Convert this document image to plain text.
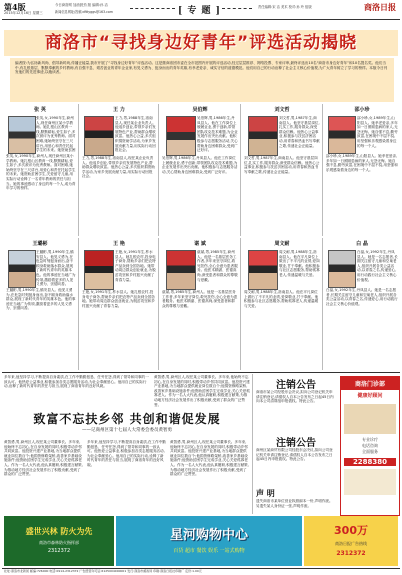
第4版
2015年12月16日 星期三
今日商洛网 加油鼓劲 版 编辑:孙 洁
新闻信息网址/投稿:dfttyggs@163.com	[ 专 题 ]	责任编辑:宋 洁 美术 校对:孙 玲 组版	商洛日报
商洛市“寻找身边好青年”评选活动揭晓
编者按:为弘扬新风尚、倡导新时尚,传播正能量,我市开展了“寻找身边好青年”评选活动。这是继商洛团市委在全市范围内开展的评选活动,经过层层推荐、网络投票、专家评审,最终评选出10名“商洛市身边好青年”和10名提名奖。他们当中,有扎根基层、默默奉献的乡村教师,有自强不息、艰苦创业的青年企业家,有见义勇为、挺身而出的青年英雄,有孝老爱亲、诚实守信的道德模范。他们用自己的行动诠释了社会主义核心价值观,为广大青年树立了学习的榜样。本版今日刊发他们的先进事迹,以飨读者。
张 英
张英,女,1990年生,商州人,现任商州区某小学教师。她扎根山区教育一线,默默耕耘,爱生如子,多次被评为优秀教师。面对困难,她始终坚守在三尺讲台,用爱心和责任托起学生的未来。她资助贫困
张英,女,1990年生,商州人,现任商州区某小学教师。她扎根山区教育一线,默默耕耘,爱生如子,多次被评为优秀教师。面对困难,她始终坚守在三尺讲台,用爱心和责任托起学生的未来。她资助贫困学生,关爱留守儿童,用实际行动诠释了一名青年教师的责任与担当。她的事迹感动了身边的每一个人,成为青年学习的榜样。
王 力
王力,男,1988年生,洛南县人,现任某企业负责人。他返乡创业,带领乡亲们发展特色产业,帮助群众增收致富。他热心公益,多次组织捐资助学活动,为家乡发展贡献力量,用实际行动回报社会。
王力,男,1988年生,洛南县人,现任某企业负责人。他返乡创业,带领乡亲们发展特色产业,帮助群众增收致富。他热心公益,多次组织捐资助学活动,为家乡发展贡献力量,用实际行动回报社会。
吴伯辉
吴伯辉,男,1986年生,丹凤县人。他在工作岗位上兢兢业业,勇于创新,带领团队攻克技术难题,为企业发展作出突出贡献。他积极参与志愿服务活动,关心帮助身边困难群众,受到广泛好评。
吴伯辉,男,1986年生,丹凤县人。他在工作岗位上兢兢业业,勇于创新,带领团队攻克技术难题,为企业发展作出突出贡献。他积极参与志愿服务活动,关心帮助身边困难群众,受到广泛好评。
刘文哲
刘文哲,男,1987年生,商南县人。他坚守基层岗位,扎实工作,服务群众,深受群众信赖。他热心公益事业,积极参与扶贫济困活动,用青春和热血书写奉献之歌,传递社会正能量。
刘文哲,男,1987年生,商南县人。他坚守基层岗位,扎实工作,服务群众,深受群众信赖。他热心公益事业,积极参与扶贫济困活动,用青春和热血书写奉献之歌,传递社会正能量。
邵小珍
邵小珍,女,1989年生,山阳县人。她孝老爱亲,多年如一日照顾患病的家人,无怨无悔。她自强不息,勤劳致富,在困境中不屈不挠,用坚强和乐观感染着身边的每一个人。
邵小珍,女,1989年生,山阳县人。她孝老爱亲,多年如一日照顾患病的家人,无怨无悔。她自强不息,勤劳致富,在困境中不屈不挠,用坚强和乐观感染着身边的每一个人。
王璐彬
王璐彬,男,1990年生,镇安县人。他见义勇为,在危急时刻挺身而出,奋不顾身救助落水群众,展现了新时代青年的英雄本色。他的事迹在当地广为传颂,激励着更多的人见义勇为、崇德向善。
王璐彬,男,1990年生,镇安县人。他见义勇为,在危急时刻挺身而出,奋不顾身救助落水群众,展现了新时代青年的英雄本色。他的事迹在当地广为传颂,激励着更多的人见义勇为、崇德向善。
王 艳
王艳,女,1991年生,柞水县人。她扎根农村,投身电子商务,帮助乡亲们把农特产品卖到全国各地。她带动周边群众创业就业,为脱贫攻坚和乡村振兴贡献了青春力量。
王艳,女,1991年生,柞水县人。她扎根农村,投身电子商务,帮助乡亲们把农特产品卖到全国各地。她带动周边群众创业就业,为脱贫攻坚和乡村振兴贡献了青春力量。
谌 斌
谌斌,男,1985年生,商州人。他是一名基层医务工作者,多年来坚守岗位,救死扶伤,全心全意为患者服务。他医术精湛、医德高尚,深受患者和群众的尊敬与爱戴。
谌斌,男,1985年生,商州人。他是一名基层医务工作者,多年来坚守岗位,救死扶伤,全心全意为患者服务。他医术精湛、医德高尚,深受患者和群众的尊敬与爱戴。
周文耐
周文耐,男,1988年生,洛南县人。他在平凡岗位上做出了不平凡的业绩,爱岗敬业,甘于奉献。他积极参与社区志愿服务,帮助孤寡老人,传递温暖与关爱。
周文耐,男,1988年生,洛南县人。他在平凡岗位上做出了不平凡的业绩,爱岗敬业,甘于奉献。他积极参与社区志愿服务,帮助孤寡老人,传递温暖与关爱。
白 晶
白晶,女,1992年生,丹凤县人。她是一名志愿者,长期关注留守儿童和空巢老人,组织开展各类公益活动,以青春之名,传递爱心,用行动践行社会主义核心价值观。
白晶,女,1992年生,丹凤县人。她是一名志愿者,长期关注留守儿童和空巢老人,组织开展各类公益活动,以青春之名,传递爱心,用行动践行社会主义核心价值观。
多年来,他坚持学习,不断提高自身素质,在工作中勤勤恳恳、任劳任怨,得到了领导和同事的一致认可。他热爱公益事业,积极参加各类志愿服务活动,为社会奉献爱心。他用自己的实际行动,诠释了新时代青年的责任与担当,展现了商洛青年的良好风貌。
黄智勇,男,商州区人,现任某公司董事长。多年来,他始终不忘初心,在自身发展的同时,积极带动乡邻共同致富。他投资兴建产业基地,为当地群众提供就业岗位数百个;他捐资修路架桥,改善家乡基础设施条件;他资助贫困学生完成学业,关心关爱孤寡老人。作为一名人大代表,他认真履职,积极建言献策,为推动地方经济社会发展作出了积极贡献,受到了群众的广泛赞誉。
致富不忘扶乡邻 共创和谐促发展
——记商州区第十七届人大常委会委员黄智勇
黄智勇,男,商州区人,现任某公司董事长。多年来,他始终不忘初心,在自身发展的同时,积极带动乡邻共同致富。他投资兴建产业基地,为当地群众提供就业岗位数百个;他捐资修路架桥,改善家乡基础设施条件;他资助贫困学生完成学业,关心关爱孤寡老人。作为一名人大代表,他认真履职,积极建言献策,为推动地方经济社会发展作出了积极贡献,受到了群众的广泛赞誉。
多年来,他坚持学习,不断提高自身素质,在工作中勤勤恳恳、任劳任怨,得到了领导和同事的一致认可。他热爱公益事业,积极参加各类志愿服务活动,为社会奉献爱心。他用自己的实际行动,诠释了新时代青年的责任与担当,展现了商洛青年的良好风貌。
黄智勇,男,商州区人,现任某公司董事长。多年来,他始终不忘初心,在自身发展的同时,积极带动乡邻共同致富。他投资兴建产业基地,为当地群众提供就业岗位数百个;他捐资修路架桥,改善家乡基础设施条件;他资助贫困学生完成学业,关心关爱孤寡老人。作为一名人大代表,他认真履职,积极建言献策,为推动地方经济社会发展作出了积极贡献,受到了群众的广泛赞誉。
注销公告
商洛市某公司经股东会决议,拟向公司登记机关申请注销登记,请债权人自本公告发布之日起45日内向本公司清算组申报债权。特此公告。
注销公告
商州区某商贸有限公司经股东会决议,拟向公司登记机关申请注销登记,请债权人自本公告发布之日起45日内申报债权。特此公告。
声 明
遗失商洛市某单位营业执照副本一份,声明作废。另遗失某人身份证一张,声明作废。
商洛门诊部
健康好顾问
专业诊疗
电话咨询
全面服务
2288380
盛世兴林 防火为先
商洛市森林防火指挥部
2312372
星河购物中心
百货 超市 餐饮 娱乐 一站式购物
300万
商洛日报广告热线
2312372
社址:商洛市北新街 邮编:726000 电话:0914-2312372 广告经营许可证:6125004000001 发行:商洛市邮政局 印刷:商洛日报社印刷厂 定价:1.00元
